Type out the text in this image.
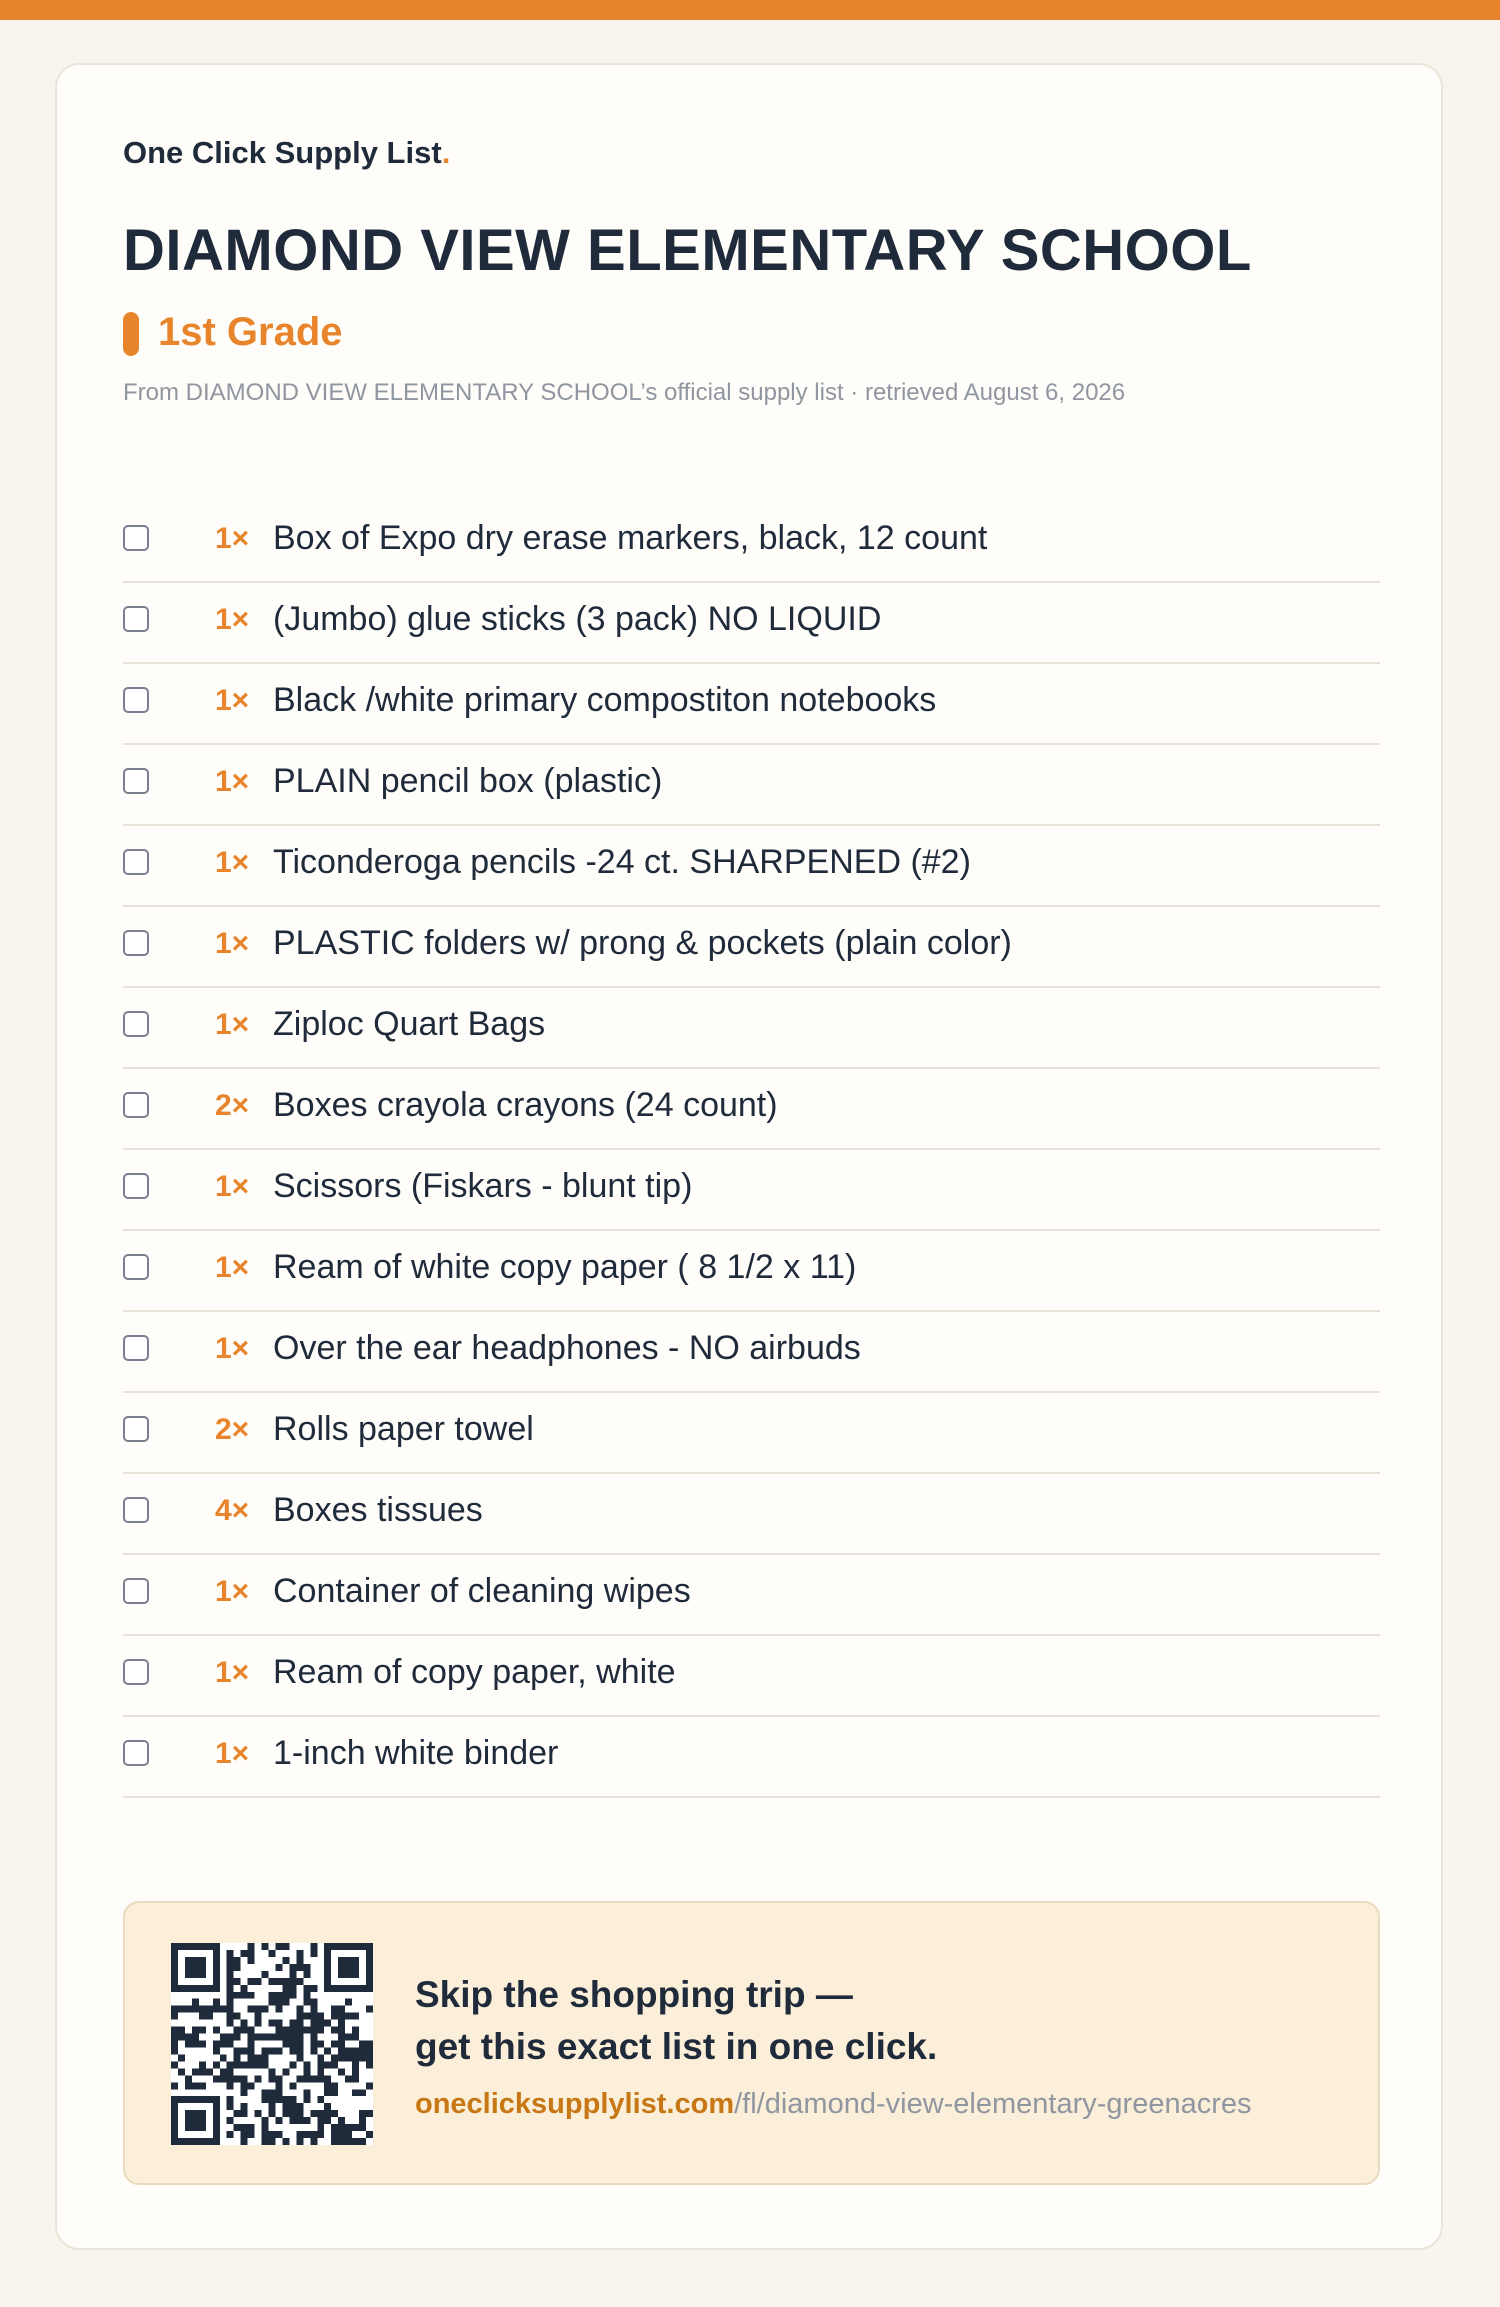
One Click Supply List.
DIAMOND VIEW ELEMENTARY SCHOOL
1st Grade
From DIAMOND VIEW ELEMENTARY SCHOOL’s official supply list · retrieved August 6, 2026
1× Box of Expo dry erase markers, black, 12 count
1× (Jumbo) glue sticks (3 pack) NO LIQUID
1× Black /white primary compostiton notebooks
1× PLAIN pencil box (plastic)
1× Ticonderoga pencils -24 ct. SHARPENED (#2)
1× PLASTIC folders w/ prong & pockets (plain color)
1× Ziploc Quart Bags
2× Boxes crayola crayons (24 count)
1× Scissors (Fiskars - blunt tip)
1× Ream of white copy paper ( 8 1/2 x 11)
1× Over the ear headphones - NO airbuds
2× Rolls paper towel
4× Boxes tissues
1× Container of cleaning wipes
1× Ream of copy paper, white
1× 1-inch white binder
Skip the shopping trip —
get this exact list in one click.
oneclicksupplylist.com/fl/diamond-view-elementary-greenacres
